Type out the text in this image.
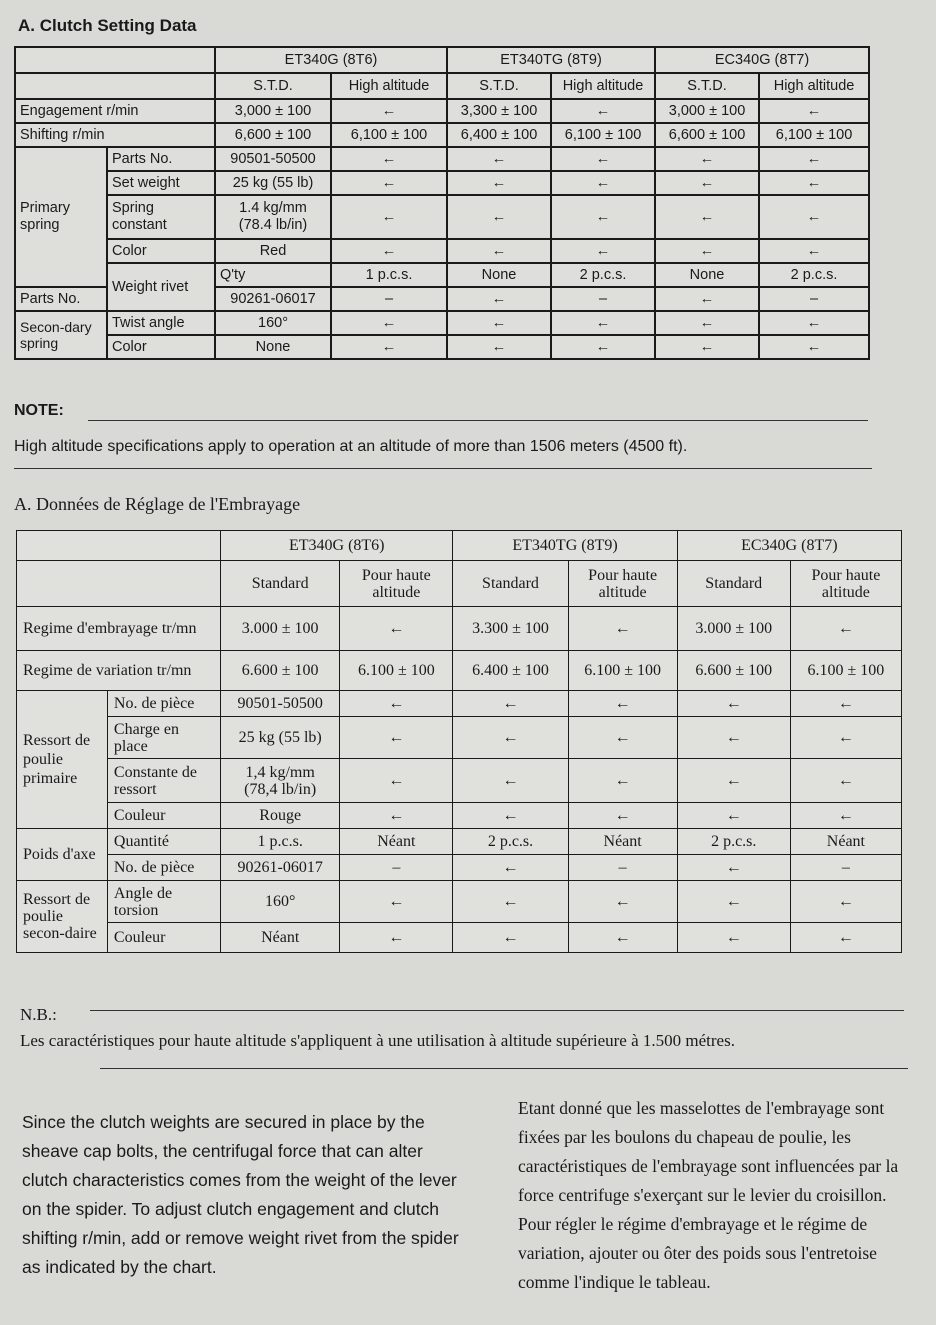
A. Clutch Setting Data
		ET340G (8T6)		ET340TG (8T9)		EC340G (8T7)		
		S.T.D.	High altitude	S.T.D.	High altitude	S.T.D.	High altitude	
Engagement r/min		3,000 ± 100	←	3,300 ± 100	←	3,000 ± 100	←	
Shifting r/min		6,600 ± 100	6,100 ± 100	6,400 ± 100	6,100 ± 100	6,600 ± 100	6,100 ± 100	
Primary spring	Parts No.	90501-50500	←	←	←	←	←	
	Set weight	25 kg (55 lb)	←	←	←	←	←	
	Spring constant	1.4 kg/mm
(78.4 lb/in)	←	←	←	←	←	
	Color	Red	←	←	←	←	←	
	Weight rivet	Q'ty	1 p.c.s.	None	2 p.c.s.	None	2 p.c.s.	
Parts No.		90261-06017	–	←	–	←	–	
Secon-dary spring	Twist angle	160°	←	←	←	←	←	
	Color	None	←	←	←	←	←	
NOTE:
High altitude specifications apply to operation at an altitude of more than 1506 meters (4500 ft).
A. Données de Réglage de l'Embrayage
		ET340G (8T6)		ET340TG (8T9)		EC340G (8T7)	
		Standard	Pour haute altitude	Standard	Pour haute altitude	Standard	Pour haute altitude
Regime d'embrayage tr/mn		3.000 ± 100	←	3.300 ± 100	←	3.000 ± 100	←
Regime de variation tr/mn		6.600 ± 100	6.100 ± 100	6.400 ± 100	6.100 ± 100	6.600 ± 100	6.100 ± 100
Ressort de poulie primaire	No. de pièce	90501-50500	←	←	←	←	←
	Charge en place	25 kg (55 lb)	←	←	←	←	←
	Constante de ressort	1,4 kg/mm
(78,4 lb/in)	←	←	←	←	←
	Couleur	Rouge	←	←	←	←	←
Poids d'axe	Quantité	1 p.c.s.	Néant	2 p.c.s.	Néant	2 p.c.s.	Néant
	No. de pièce	90261-06017	–	←	–	←	–
Ressort de poulie secon-daire	Angle de torsion	160°	←	←	←	←	←
	Couleur	Néant	←	←	←	←	←
N.B.:
Les caractéristiques pour haute altitude s'appliquent à une utilisation à altitude supérieure à 1.500 métres.
Since the clutch weights are secured in place by the sheave cap bolts, the centrifugal force that can alter clutch characteristics comes from the weight of the lever on the spider. To adjust clutch engagement and clutch shifting r/min, add or remove weight rivet from the spider as indicated by the chart.
Etant donné que les masselottes de l'embrayage sont fixées par les boulons du chapeau de poulie, les caractéristiques de l'embrayage sont influencées par la force centrifuge s'exerçant sur le levier du croisillon. Pour régler le régime d'embrayage et le régime de variation, ajouter ou ôter des poids sous l'entretoise comme l'indique le tableau.
